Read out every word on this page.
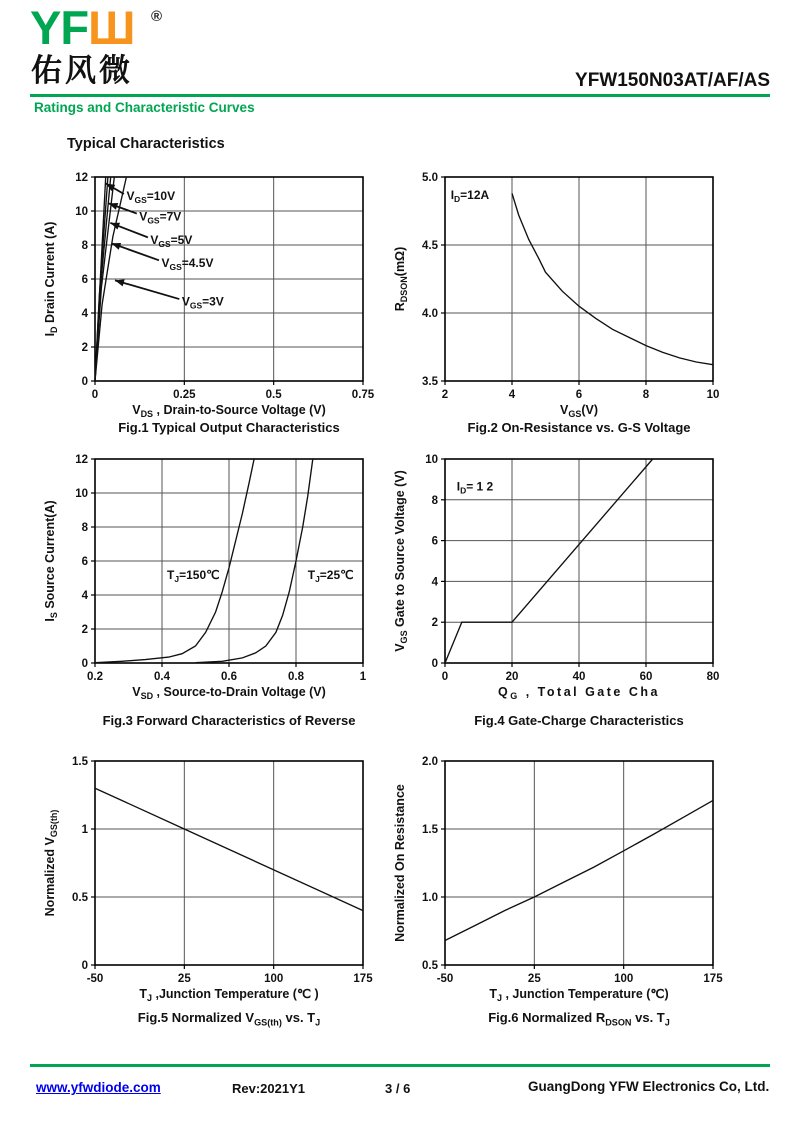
YFШ ®
佑风微	YFW150N03AT/AF/AS
Ratings and Characteristic Curves
Typical Characteristics
0	0.25	0.5	0.75
0
2
4
6
8
10
12
$V_{DS}$ , Drain-to-Source Voltage (V)
$I_D$ Drain Current (A)
$V_{GS}=10V$
$V_{GS}=7V$
$V_{GS}=5V$
$V_{GS}=4.5V$
$V_{GS}=3V$
Fig.1 Typical Output Characteristics
2	4	6	8	10
3.5
4.0
4.5
5.0
$V_{GS}(V)$
$R_{DSON}(m\Omega)$
$I_D=12A$
Fig.2 On-Resistance vs. G-S Voltage
0.2	0.4	0.6	0.8	1
0
2
4
6
8
10
12
$V_{SD}$ , Source-to-Drain Voltage (V)
$I_S$ Source Current(A)	$T_J=150℃$	$T_J=25℃$
Fig.3 Forward Characteristics of Reverse
0	20	40	60	80
0
2
4
6
8
10
$Q_G$ , Total Gate Cha
$V_{GS}$ Gate to Source Voltage (V)	$I_D= 1$ 2
Fig.4 Gate-Charge Characteristics
-50	25	100	175
0
0.5
1
1.5
$T_J$ ,Junction Temperature (℃ )
Normalized $V_{GS(th)}$
Fig.5 Normalized $V_{GS(th)}$ vs. $T_J$
-50	25	100	175
0.5
1.0
1.5
2.0
$T_J$ , Junction Temperature (℃)
Normalized On Resistance
Fig.6 Normalized $R_{DSON}$ vs. $T_J$
www.yfwdiode.com	Rev:2021Y1	3 / 6	GuangDong YFW Electronics Co, Ltd.
